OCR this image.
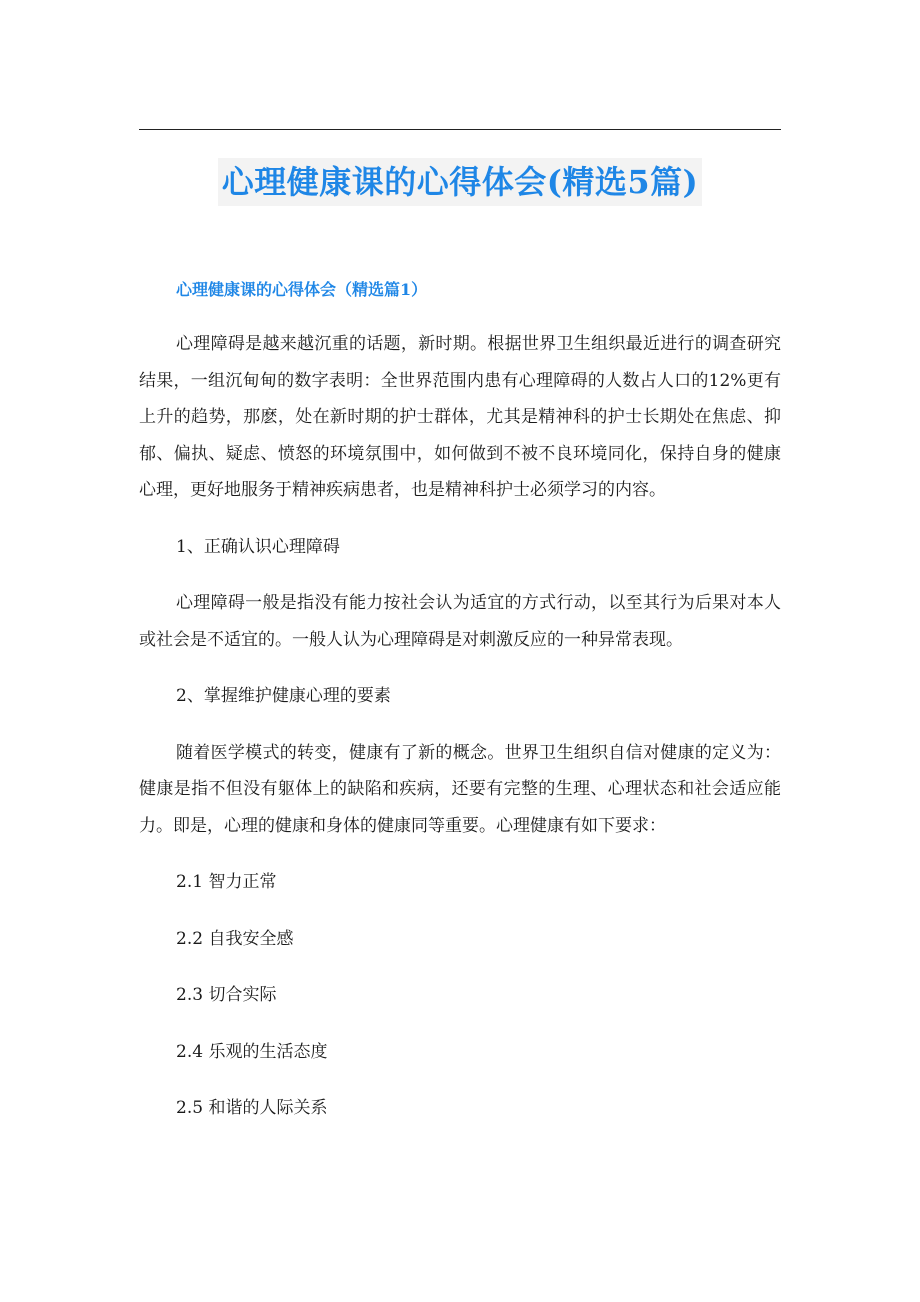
心理健康课的心得体会(精选5篇)
心理健康课的心得体会（精选篇1）

心理障碍是越来越沉重的话题，新时期。根据世界卫生组织最近进行的调查研究结果，一组沉甸甸的数字表明：全世界范围内患有心理障碍的人数占人口的12%更有上升的趋势，那麽，处在新时期的护士群体，尤其是精神科的护士长期处在焦虑、抑郁、偏执、疑虑、愤怒的环境氛围中，如何做到不被不良环境同化，保持自身的健康心理，更好地服务于精神疾病患者，也是精神科护士必须学习的内容。

1、正确认识心理障碍

心理障碍一般是指没有能力按社会认为适宜的方式行动，以至其行为后果对本人或社会是不适宜的。一般人认为心理障碍是对刺激反应的一种异常表现。

2、掌握维护健康心理的要素

随着医学模式的转变，健康有了新的概念。世界卫生组织自信对健康的定义为：健康是指不但没有躯体上的缺陷和疾病，还要有完整的生理、心理状态和社会适应能力。即是，心理的健康和身体的健康同等重要。心理健康有如下要求：

2.1 智力正常

2.2 自我安全感

2.3 切合实际

2.4 乐观的生活态度

2.5 和谐的人际关系
